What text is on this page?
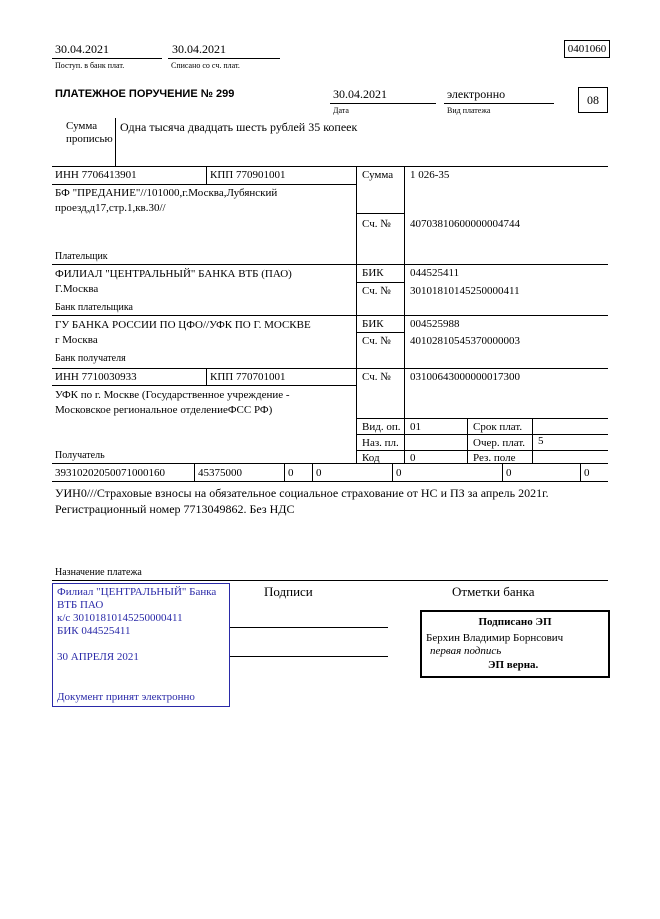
30.04.2021
Поступ. в банк плат.
30.04.2021
Списано со сч. плат.
0401060
ПЛАТЕЖНОЕ ПОРУЧЕНИЕ № 299	30.04.2021
Дата
электронно
Вид платежа
08
Сумма
прописью
Одна тысяча двадцать шесть рублей 35 копеек
ИНН 7706413901	КПП 770901001	Сумма 1 026-35
БФ "ПРЕДАНИЕ"//101000,г.Москва,Лубянский
проезд,д17,стр.1,кв.30//
Сч. № 40703810600000004744
Плательщик
ФИЛИАЛ "ЦЕНТРАЛЬНЫЙ" БАНКА ВТБ (ПАО)
Г.Москва
БИК 044525411
Сч. № 30101810145250000411
Банк плательщика
ГУ БАНКА РОССИИ ПО ЦФО//УФК ПО Г. МОСКВЕ
г Москва
БИК 004525988
Сч. № 40102810545370000003
Банк получателя
ИНН 7710030933	КПП 770701001	Сч. № 03100643000000017300
УФК по г. Москве (Государственное учреждение -
Московское региональное отделениеФСС РФ)
Получатель
Вид. оп. 01	Срок плат.
Наз. пл.	Очер. плат. 5
Код	0	Рез. поле
39310202050071000160	45375000	0 0	0	0	0
УИН0///Страховые взносы на обязательное социальное страхование от НС и ПЗ за апрель 2021г.
Регистрационный номер 7713049862. Без НДС
Назначение платежа
Подписи	Отметки банка
Филиал "ЦЕНТРАЛЬНЫЙ" Банка
ВТБ ПАО
к/с 30101810145250000411
БИК 044525411
30 АПРЕЛЯ 2021
Документ принят электронно
Подписано ЭП
Берхин Владимир Борнсович
первая подпись
ЭП верна.
